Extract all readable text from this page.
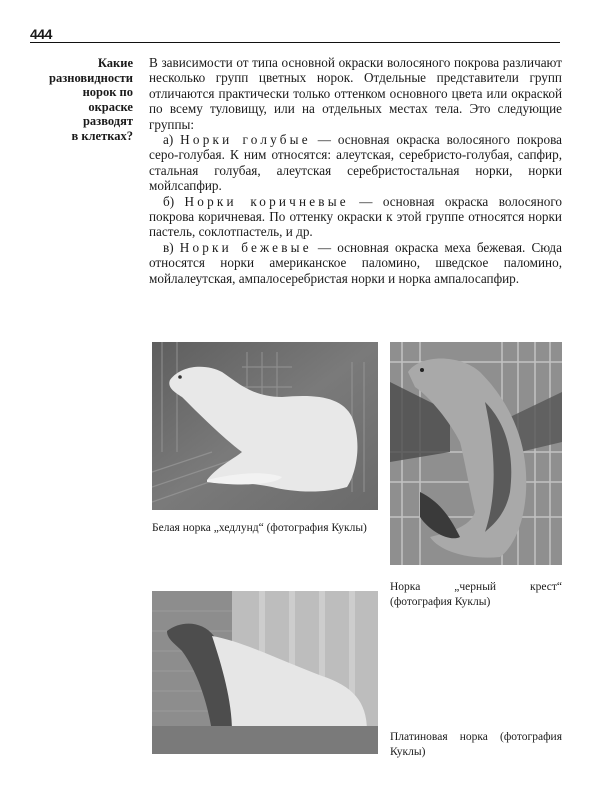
444
Какие
разновидности
норок по
окраске
разводят
в клетках?

В зависимости от типа основной окраски волосяного покрова различают несколько групп цветных норок. Отдельные представители групп отличаются практически только оттенком основного цвета или окраской по всему туловищу, или на отдельных местах тела. Это следующие группы:

а) Норки голубые — основная окраска волосяного покрова серо-голубая. К ним относятся: алеутская, серебристо-голубая, сапфир, стальная голубая, алеутская серебристостальная норки, норки мойлсапфир.

б) Норки коричневые — основная окраска волосяного покрова коричневая. По оттенку окраски к этой группе относятся норки пастель, соклотпастель, и др.

в) Норки бежевые — основная окраска меха бежевая. Сюда относятся норки американское паломино, шведское паломино, мойлалеутская, ампалосеребристая норки и норка ампалосапфир.

Белая норка „хедлунд“ (фотография Куклы)
Норка „черный крест“ (фотография Куклы)
Платиновая норка (фотография Куклы)
